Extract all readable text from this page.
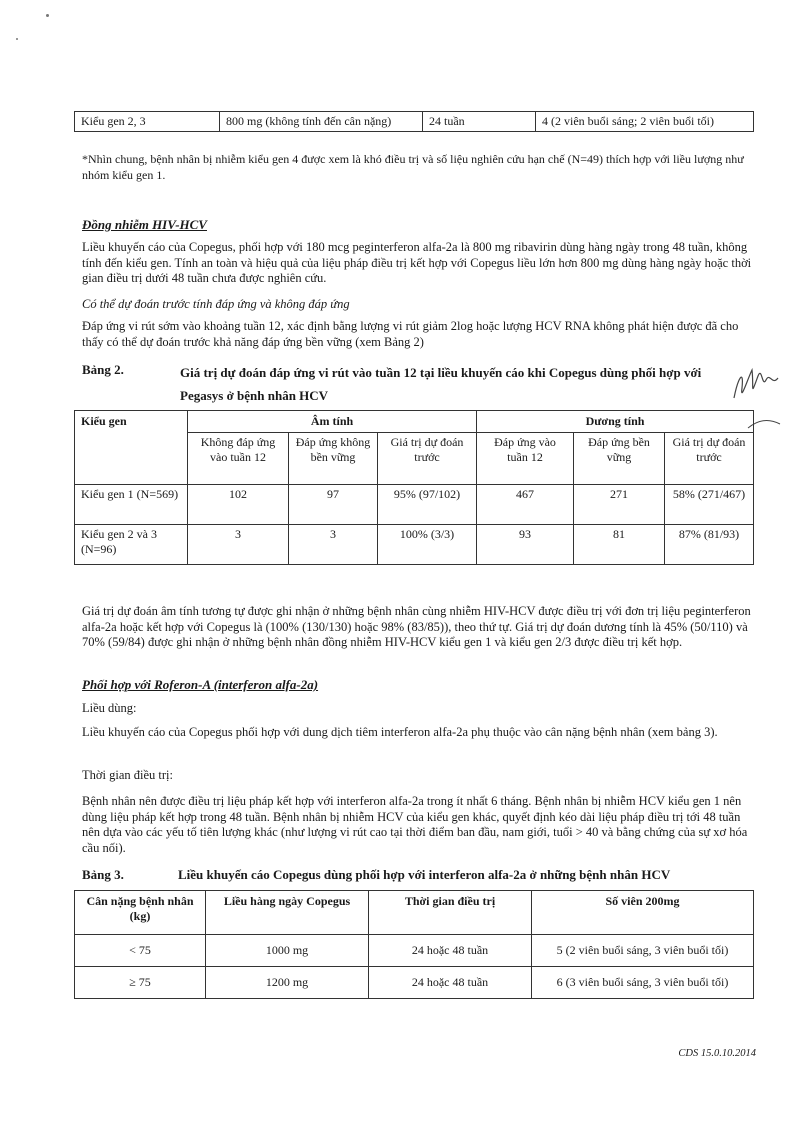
Kiểu gen 2, 3	800 mg (không tính đến cân nặng)	24 tuần	4 (2 viên buổi sáng; 2 viên buổi tối)

*Nhìn chung, bệnh nhân bị nhiễm kiểu gen 4 được xem là khó điều trị và số liệu nghiên cứu hạn chế (N=49) thích hợp với liều lượng như nhóm kiểu gen 1.

Đồng nhiễm HIV-HCV

Liều khuyến cáo của Copegus, phối hợp với 180 mcg peginterferon alfa-2a là 800 mg ribavirin dùng hàng ngày trong 48 tuần, không tính đến kiểu gen. Tính an toàn và hiệu quả của liệu pháp điều trị kết hợp với Copegus liều lớn hơn 800 mg dùng hàng ngày hoặc thời gian điều trị dưới 48 tuần chưa được nghiên cứu.

Có thể dự đoán trước tính đáp ứng và không đáp ứng

Đáp ứng vi rút sớm vào khoảng tuần 12, xác định bằng lượng vi rút giảm 2log hoặc lượng HCV RNA không phát hiện được đã cho thấy có thể dự đoán trước khả năng đáp ứng bền vững (xem Bảng 2)

Bảng 2.	Giá trị dự đoán đáp ứng vi rút vào tuần 12 tại liều khuyến cáo khi Copegus dùng phối hợp với Pegasys ở bệnh nhân HCV

Kiểu gen	Âm tính			Dương tính		
	Không đáp ứng vào tuần 12	Đáp ứng không bền vững	Giá trị dự đoán trước	Đáp ứng vào tuần 12	Đáp ứng bền vững	Giá trị dự đoán trước
Kiểu gen 1 (N=569)	102	97	95% (97/102)	467	271	58% (271/467)
Kiểu gen 2 và 3 (N=96)	3	3	100% (3/3)	93	81	87% (81/93)

Giá trị dự đoán âm tính tương tự được ghi nhận ở những bệnh nhân cùng nhiễm HIV-HCV được điều trị với đơn trị liệu peginterferon alfa-2a hoặc kết hợp với Copegus là (100% (130/130) hoặc 98% (83/85)), theo thứ tự. Giá trị dự đoán dương tính là 45% (50/110) và 70% (59/84) được ghi nhận ở những bệnh nhân đồng nhiễm HIV-HCV kiểu gen 1 và kiểu gen 2/3 được điều trị kết hợp.

Phối hợp với Roferon-A (interferon alfa-2a)

Liều dùng:

Liều khuyến cáo của Copegus phối hợp với dung dịch tiêm interferon alfa-2a phụ thuộc vào cân nặng bệnh nhân (xem bảng 3).

Thời gian điều trị:

Bệnh nhân nên được điều trị liệu pháp kết hợp với interferon alfa-2a trong ít nhất 6 tháng. Bệnh nhân bị nhiễm HCV kiểu gen 1 nên dùng liệu pháp kết hợp trong 48 tuần. Bệnh nhân bị nhiễm HCV của kiểu gen khác, quyết định kéo dài liệu pháp điều trị tới 48 tuần nên dựa vào các yếu tố tiên lượng khác (như lượng vi rút cao tại thời điểm ban đầu, nam giới, tuổi > 40 và bằng chứng của sự xơ hóa cầu nối).

Bảng 3.	Liều khuyến cáo Copegus dùng phối hợp với interferon alfa-2a ở những bệnh nhân HCV

Cân nặng bệnh nhân (kg)	Liều hàng ngày Copegus	Thời gian điều trị	Số viên 200mg
< 75	1000 mg	24 hoặc 48 tuần	5 (2 viên buổi sáng, 3 viên buổi tối)
≥ 75	1200 mg	24 hoặc 48 tuần	6 (3 viên buổi sáng, 3 viên buổi tối)

CDS 15.0.10.2014
